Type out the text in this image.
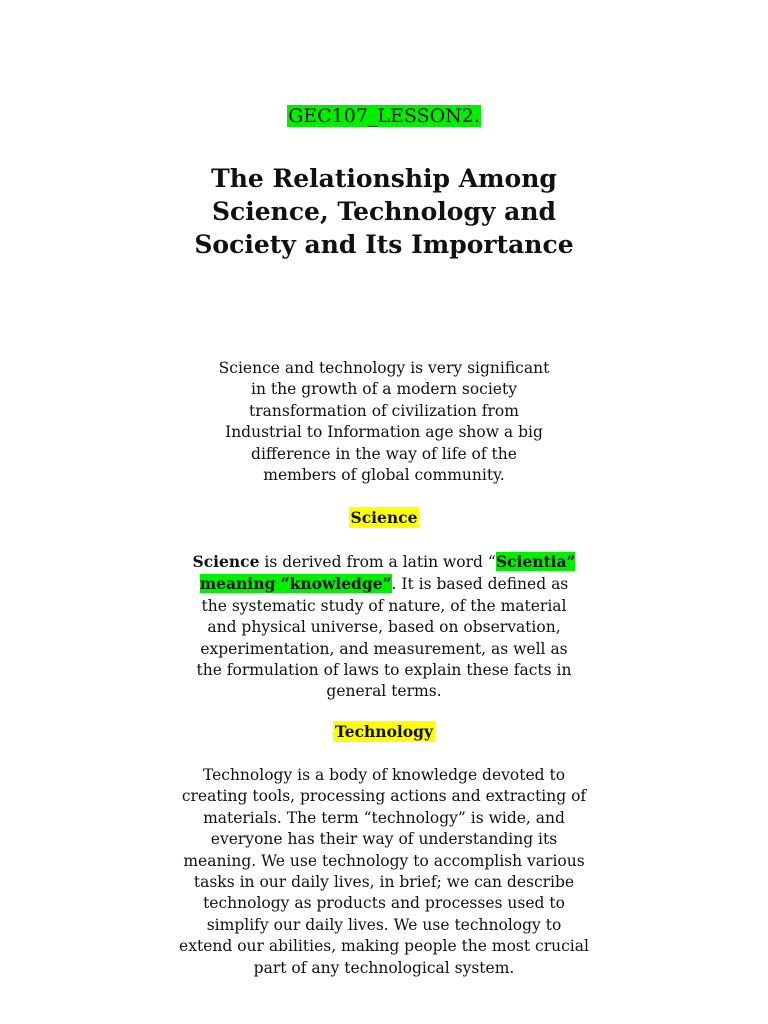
GEC107_LESSON2.
The Relationship Among
Science, Technology and
Society and Its Importance

Science and technology is very significant
in the growth of a modern society
transformation of civilization from
Industrial to Information age show a big
difference in the way of life of the
members of global community.

Science

Science is derived from a latin word “Scientia”
meaning “knowledge”. It is based defined as
the systematic study of nature, of the material
and physical universe, based on observation,
experimentation, and measurement, as well as
the formulation of laws to explain these facts in
general terms.

Technology

Technology is a body of knowledge devoted to
creating tools, processing actions and extracting of
materials. The term “technology” is wide, and
everyone has their way of understanding its
meaning. We use technology to accomplish various
tasks in our daily lives, in brief; we can describe
technology as products and processes used to
simplify our daily lives. We use technology to
extend our abilities, making people the most crucial
part of any technological system.
